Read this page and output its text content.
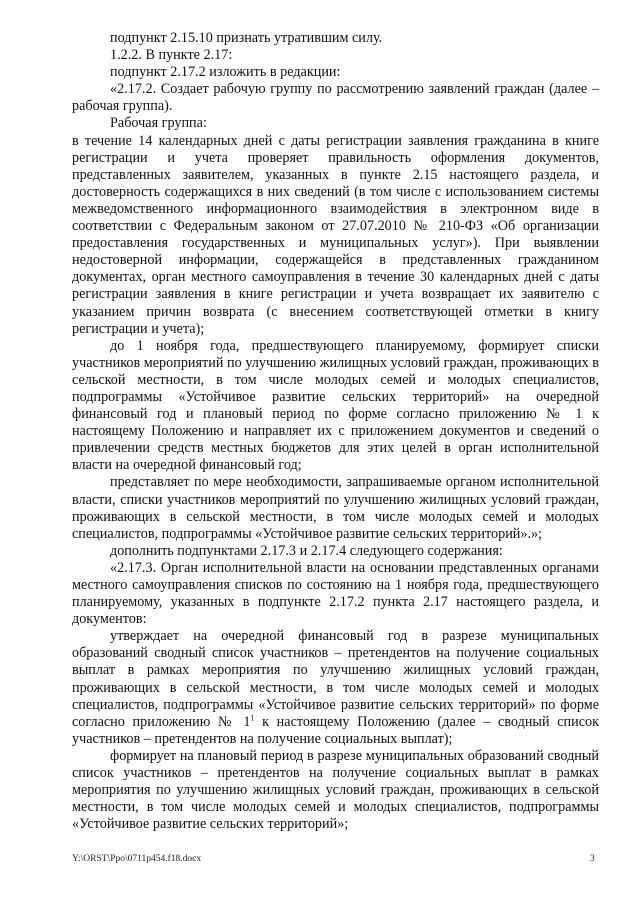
подпункт 2.15.10 признать утратившим силу.

1.2.2. В пункте 2.17:

подпункт 2.17.2 изложить в редакции:

«2.17.2. Создает рабочую группу по рассмотрению заявлений граждан (далее – рабочая группа).

Рабочая группа:

в течение 14 календарных дней с даты регистрации заявления гражданина в книге регистрации и учета проверяет правильность оформления документов, представленных заявителем, указанных в пункте 2.15 настоящего раздела, и достоверность содержащихся в них сведений (в том числе с использованием системы межведомственного информационного взаимодействия в электронном виде в соответствии с Федеральным законом от 27.07.2010 № 210-ФЗ «Об организации предоставления государственных и муниципальных услуг»). При выявлении недостоверной информации, содержащейся в представленных гражданином документах, орган местного самоуправления в течение 30 календарных дней с даты регистрации заявления в книге регистрации и учета возвращает их заявителю с указанием причин возврата (с внесением соответствующей отметки в книгу регистрации и учета);

до 1 ноября года, предшествующего планируемому, формирует списки участников мероприятий по улучшению жилищных условий граждан, проживающих в сельской местности, в том числе молодых семей и молодых специалистов, подпрограммы «Устойчивое развитие сельских территорий» на очередной финансовый год и плановый период по форме согласно приложению № 1 к настоящему Положению и направляет их с приложением документов и сведений о привлечении средств местных бюджетов для этих целей в орган исполнительной власти на очередной финансовый год;

представляет по мере необходимости, запрашиваемые органом исполнительной власти, списки участников мероприятий по улучшению жилищных условий граждан, проживающих в сельской местности, в том числе молодых семей и молодых специалистов, подпрограммы «Устойчивое развитие сельских территорий».»;

дополнить подпунктами 2.17.3 и 2.17.4 следующего содержания:

«2.17.3. Орган исполнительной власти на основании представленных органами местного самоуправления списков по состоянию на 1 ноября года, предшествующего планируемому, указанных в подпункте 2.17.2 пункта 2.17 настоящего раздела, и документов:

утверждает на очередной финансовый год в разрезе муниципальных образований сводный список участников – претендентов на получение социальных выплат в рамках мероприятия по улучшению жилищных условий граждан, проживающих в сельской местности, в том числе молодых семей и молодых специалистов, подпрограммы «Устойчивое развитие сельских территорий» по форме согласно приложению № $1^1$ к настоящему Положению (далее – сводный список участников – претендентов на получение социальных выплат);

формирует на плановый период в разрезе муниципальных образований сводный список участников – претендентов на получение социальных выплат в рамках мероприятия по улучшению жилищных условий граждан, проживающих в сельской местности, в том числе молодых семей и молодых специалистов, подпрограммы «Устойчивое развитие сельских территорий»;

Y:\ORST\Ppo\0711p454.f18.docx	3
